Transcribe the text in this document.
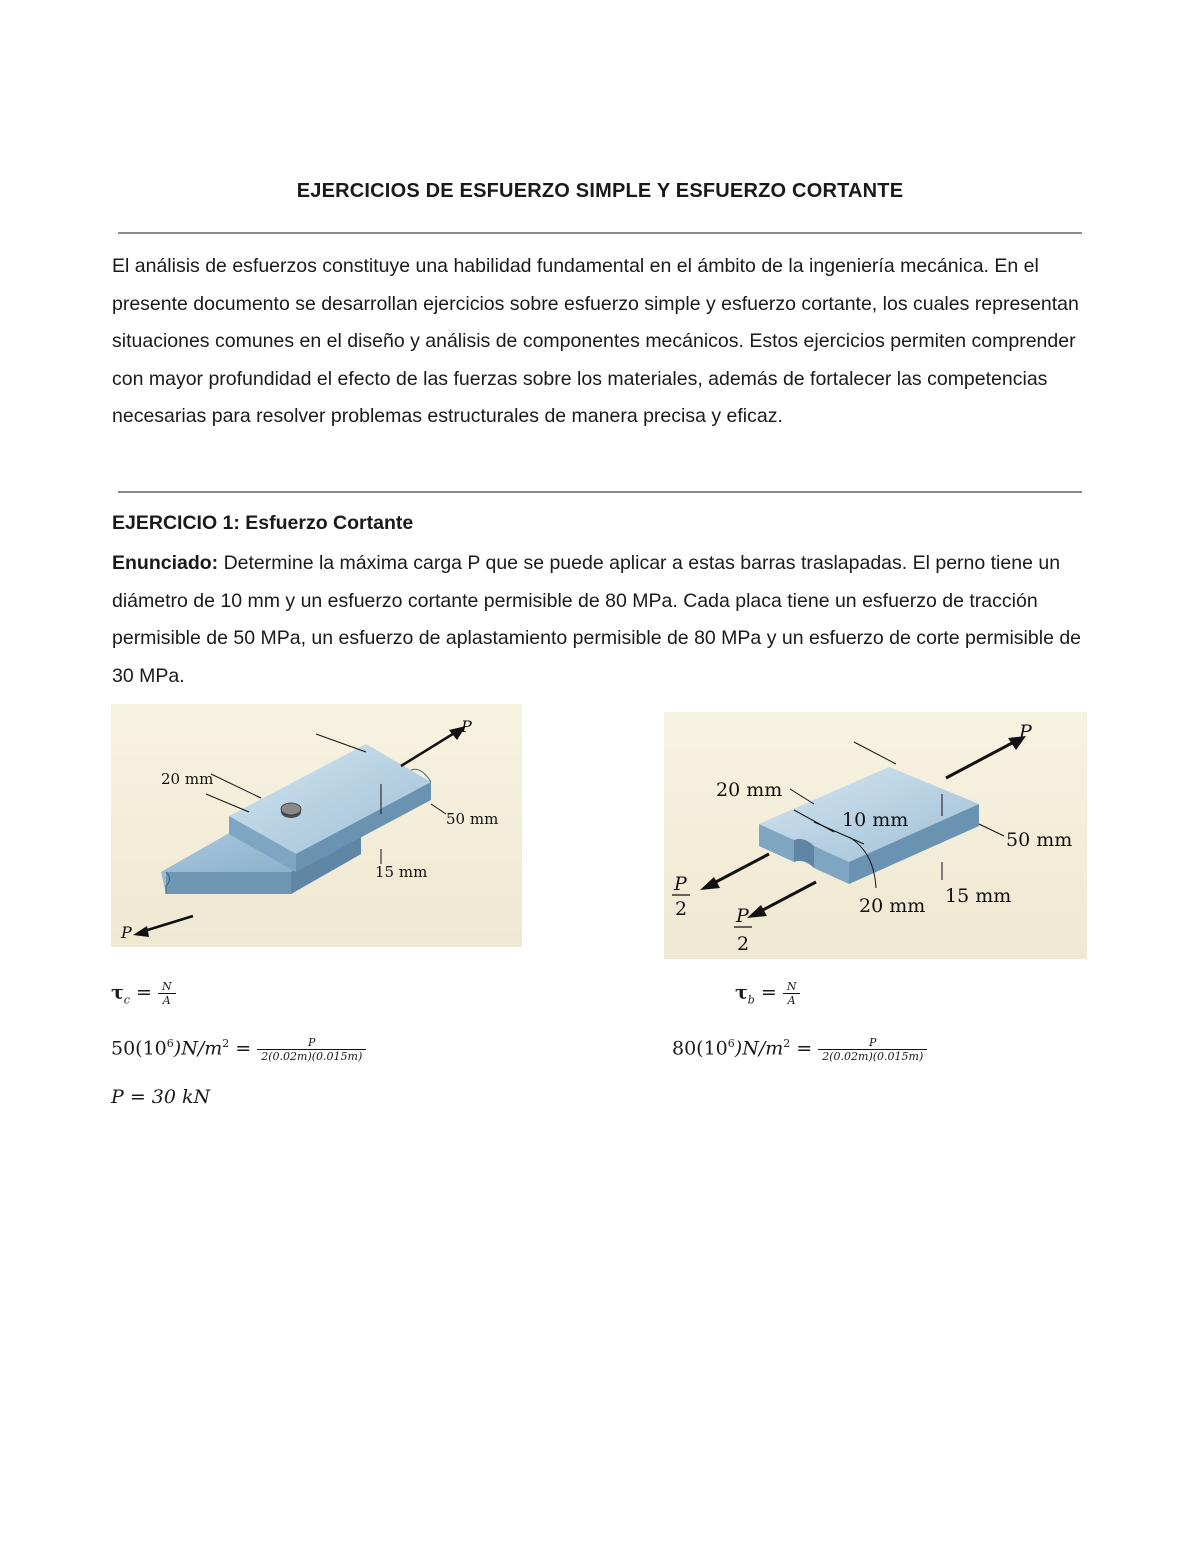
EJERCICIOS DE ESFUERZO SIMPLE Y ESFUERZO CORTANTE
El análisis de esfuerzos constituye una habilidad fundamental en el ámbito de la ingeniería mecánica. En el presente documento se desarrollan ejercicios sobre esfuerzo simple y esfuerzo cortante, los cuales representan situaciones comunes en el diseño y análisis de componentes mecánicos. Estos ejercicios permiten comprender con mayor profundidad el efecto de las fuerzas sobre los materiales, además de fortalecer las competencias necesarias para resolver problemas estructurales de manera precisa y eficaz.
EJERCICIO 1: Esfuerzo Cortante
Enunciado: Determine la máxima carga P que se puede aplicar a estas barras traslapadas. El perno tiene un diámetro de 10 mm y un esfuerzo cortante permisible de 80 MPa. Cada placa tiene un esfuerzo de tracción permisible de 50 MPa, un esfuerzo de aplastamiento permisible de 80 MPa y un esfuerzo de corte permisible de 30 MPa.
P
P
20 mm
50 mm
15 mm
P
P
2	P
2
20 mm
10 mm
20 mm
50 mm
15 mm
$\tau_c = \frac{N}{A}$
$50(10^6)N/m^2 = \frac{P}{2(0.02m)(0.015m)}$
P = 30 kN
$\tau_b = \frac{N}{A}$
$80(10^6)N/m^2 = \frac{P}{2(0.02m)(0.015m)}$
